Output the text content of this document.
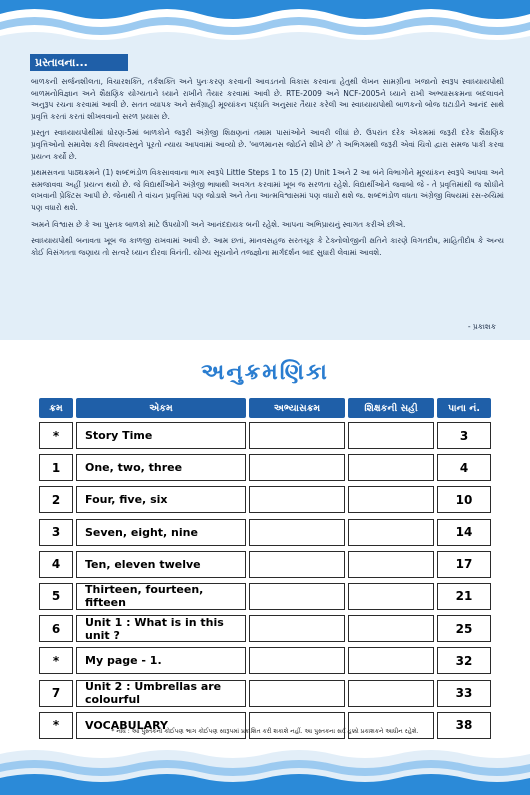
પ્રસ્તાવના...

બાળકની સર્જનશીલતા, વિચારશક્તિ, તર્કશક્તિ અને પુનઃકરણ કરવાની આવડતનો વિકાસ કરવાના હેતુથી લેખન સામગ્રીના ખજાનો સ્વરૂપ સ્વાધ્યાયપોથી બાળમનોવિજ્ઞાન અને શૈક્ષણિક યોગ્યતાને ધ્યાને રાખીને તૈયાર કરવામાં આવી છે. RTE-2009 અને NCF-2005ને ધ્યાને રાખી અભ્યાસક્રમના બદલાવને અનુરૂપ રચના કરવામાં આવી છે. સતત વ્યાપક અને સર્વગ્રાહી મૂલ્યાંકન પદ્ધતિ અનુસાર તૈયાર કરેલી આ સ્વાધ્યાયપોથી બાળકનો બોજ ઘટાડીને આનંદ સાથે પ્રવૃત્તિ કરતાં કરતાં શીખવવાનો સરળ પ્રયાસ છે.

પ્રસ્તુત સ્વાધ્યાયપોથીમાં ધોરણ-5માં બાળકોને જરૂરી અંગ્રેજી શિક્ષણનાં તમામ પાસાંઓને આવરી લીધાં છે. ઉપરાંત દરેક એકમમાં જરૂરી દરેક શૈક્ષણિક પ્રવૃત્તિઓનો સમાવેશ કરી વિષયવસ્તુને પૂરતો ન્યાય આપવામાં આવ્યો છે. 'બાળમાનસ જોઈને શીખે છે' તે અભિગમથી જરૂરી એવાં ચિત્રો દ્વારા સમજ પાકી કરવા પ્રયત્ન કર્યો છે.

પ્રથમસત્રના પાઠ્યક્રમને (1) શબ્દભંડોળ વિકસાવવાના ભાગ સ્વરૂપે Little Steps 1 to 15 (2) Unit 1અને 2 આ બંને વિભાગોને મૂલ્યાંકન સ્વરૂપે આપવા અને સમજાવવા અહીં પ્રયત્ન થયો છે. જે વિદ્યાર્થીઓને અંગ્રેજી ભાષાથી અવગત કરવામાં ખૂબ જ સરળતા રહેશે. વિદ્યાર્થીઓને જવાબો જે - તે પ્રવૃત્તિમાંથી જ શોધીને લખવાની પ્રેક્ટિસ આપી છે. જેનાથી તે વાંચન પ્રવૃત્તિમાં પણ જોડાશે અને તેના આત્મવિશ્વાસમાં પણ વધારો થશે જ. શબ્દભંડોળ વધતા અંગ્રેજી વિષયમાં રસ-રુચિમાં પણ વધારો થશે.

અમને વિશ્વાસ છે કે આ પુસ્તક બાળકો માટે ઉપયોગી અને આનંદદાયક બની રહેશે. આપના અભિપ્રાયનું સ્વાગત કરીએ છીએ.

સ્વાધ્યાયપોથી બનાવતા ખૂબ જ કાળજી રાખવામાં આવી છે. આમ છતાં, માનવસહજ સરતચૂક કે ટેક્નોલોજીની ક્ષતિને કારણે વિગતદોષ, માહિતીદોષ કે અન્ય કોઈ વિસંગતતા જણાય તો સત્વરે ધ્યાન દોરવા વિનંતી. યોગ્ય સૂચનોને તજજ્ઞોના માર્ગદર્શન બાદ સુધારી લેવામાં આવશે.

- પ્રકાશક
અનુક્રમણિકા
ક્રમ	એકમ	અભ્યાસક્રમ	શિક્ષકની સહી	પાના નં.
*	Story Time	3
1	One, two, three	4
2	Four, five, six	10
3	Seven, eight, nine	14
4	Ten, eleven twelve	17
5	Thirteen, fourteen, fifteen	21
6	Unit 1 : What is in this unit ?	25
*	My page - 1.	32
7	Unit 2 : Umbrellas are colourful	33
*	VOCABULARY	38
* નોંધ : આ પુસ્તકનો કોઈપણ ભાગ કોઈપણ સ્વરૂપમાં પ્રકાશિત કરી શકાશે નહીં. આ પુસ્તકના સર્વ હક્કો પ્રકાશકને આધીન રહેશે.
